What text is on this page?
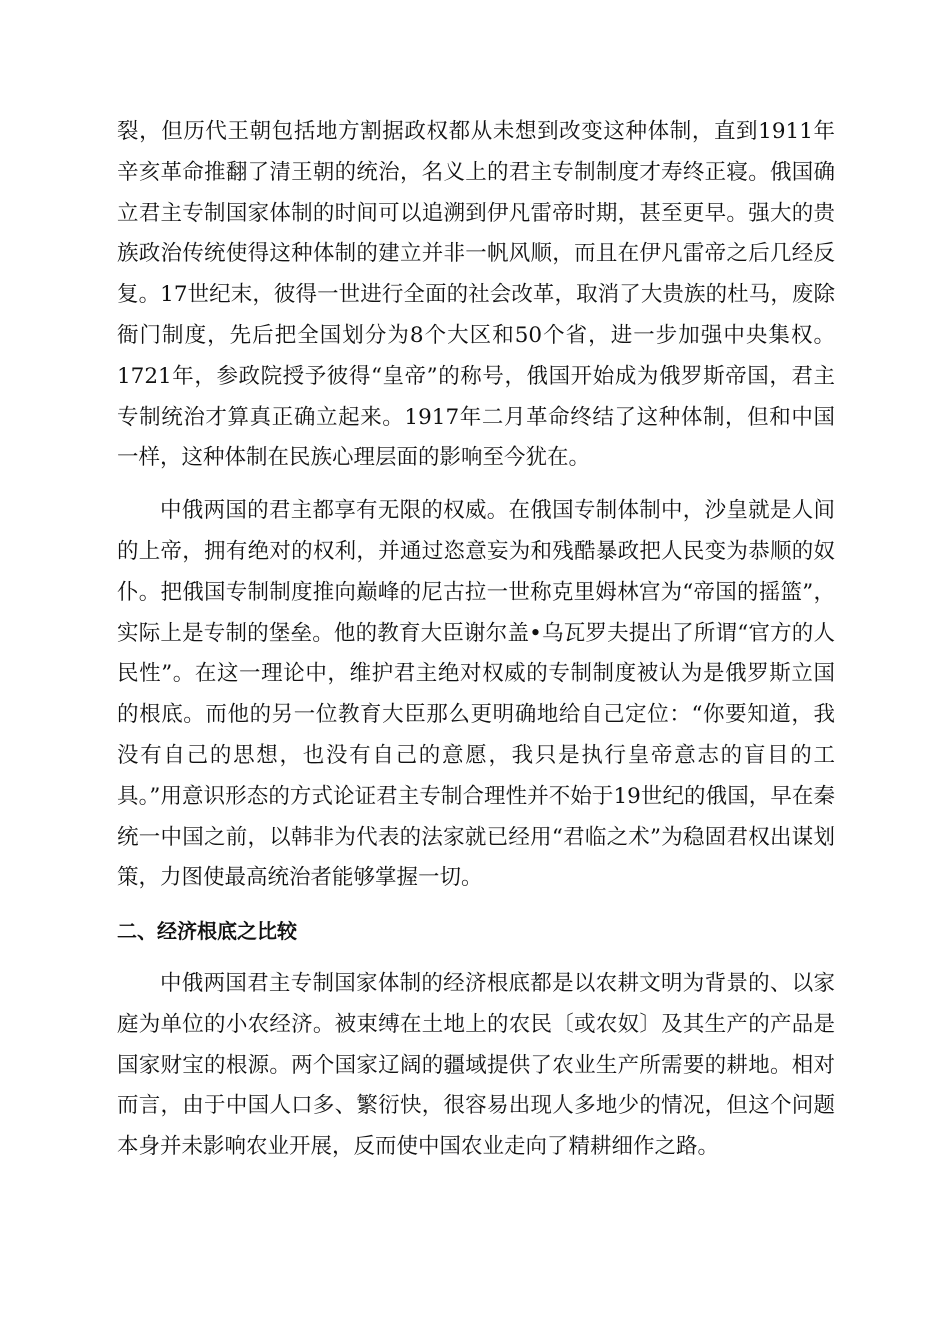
裂，但历代王朝包括地方割据政权都从未想到改变这种体制，直到1911年辛亥革命推翻了清王朝的统治，名义上的君主专制制度才寿终正寝。俄国确立君主专制国家体制的时间可以追溯到伊凡雷帝时期，甚至更早。强大的贵族政治传统使得这种体制的建立并非一帆风顺，而且在伊凡雷帝之后几经反复。17世纪末，彼得一世进行全面的社会改革，取消了大贵族的杜马，废除衙门制度，先后把全国划分为8个大区和50个省，进一步加强中央集权。1721年，参政院授予彼得“皇帝”的称号，俄国开始成为俄罗斯帝国，君主专制统治才算真正确立起来。1917年二月革命终结了这种体制，但和中国一样，这种体制在民族心理层面的影响至今犹在。

中俄两国的君主都享有无限的权威。在俄国专制体制中，沙皇就是人间的上帝，拥有绝对的权利，并通过恣意妄为和残酷暴政把人民变为恭顺的奴仆。把俄国专制制度推向巅峰的尼古拉一世称克里姆林宫为“帝国的摇篮”，实际上是专制的堡垒。他的教育大臣谢尔盖•乌瓦罗夫提出了所谓“官方的人民性”。在这一理论中，维护君主绝对权威的专制制度被认为是俄罗斯立国的根底。而他的另一位教育大臣那么更明确地给自己定位：“你要知道，我没有自己的思想，也没有自己的意愿，我只是执行皇帝意志的盲目的工具。”用意识形态的方式论证君主专制合理性并不始于19世纪的俄国，早在秦统一中国之前，以韩非为代表的法家就已经用“君临之术”为稳固君权出谋划策，力图使最高统治者能够掌握一切。

二、经济根底之比较

中俄两国君主专制国家体制的经济根底都是以农耕文明为背景的、以家庭为单位的小农经济。被束缚在土地上的农民〔或农奴〕及其生产的产品是国家财宝的根源。两个国家辽阔的疆域提供了农业生产所需要的耕地。相对而言，由于中国人口多、繁衍快，很容易出现人多地少的情况，但这个问题本身并未影响农业开展，反而使中国农业走向了精耕细作之路。
